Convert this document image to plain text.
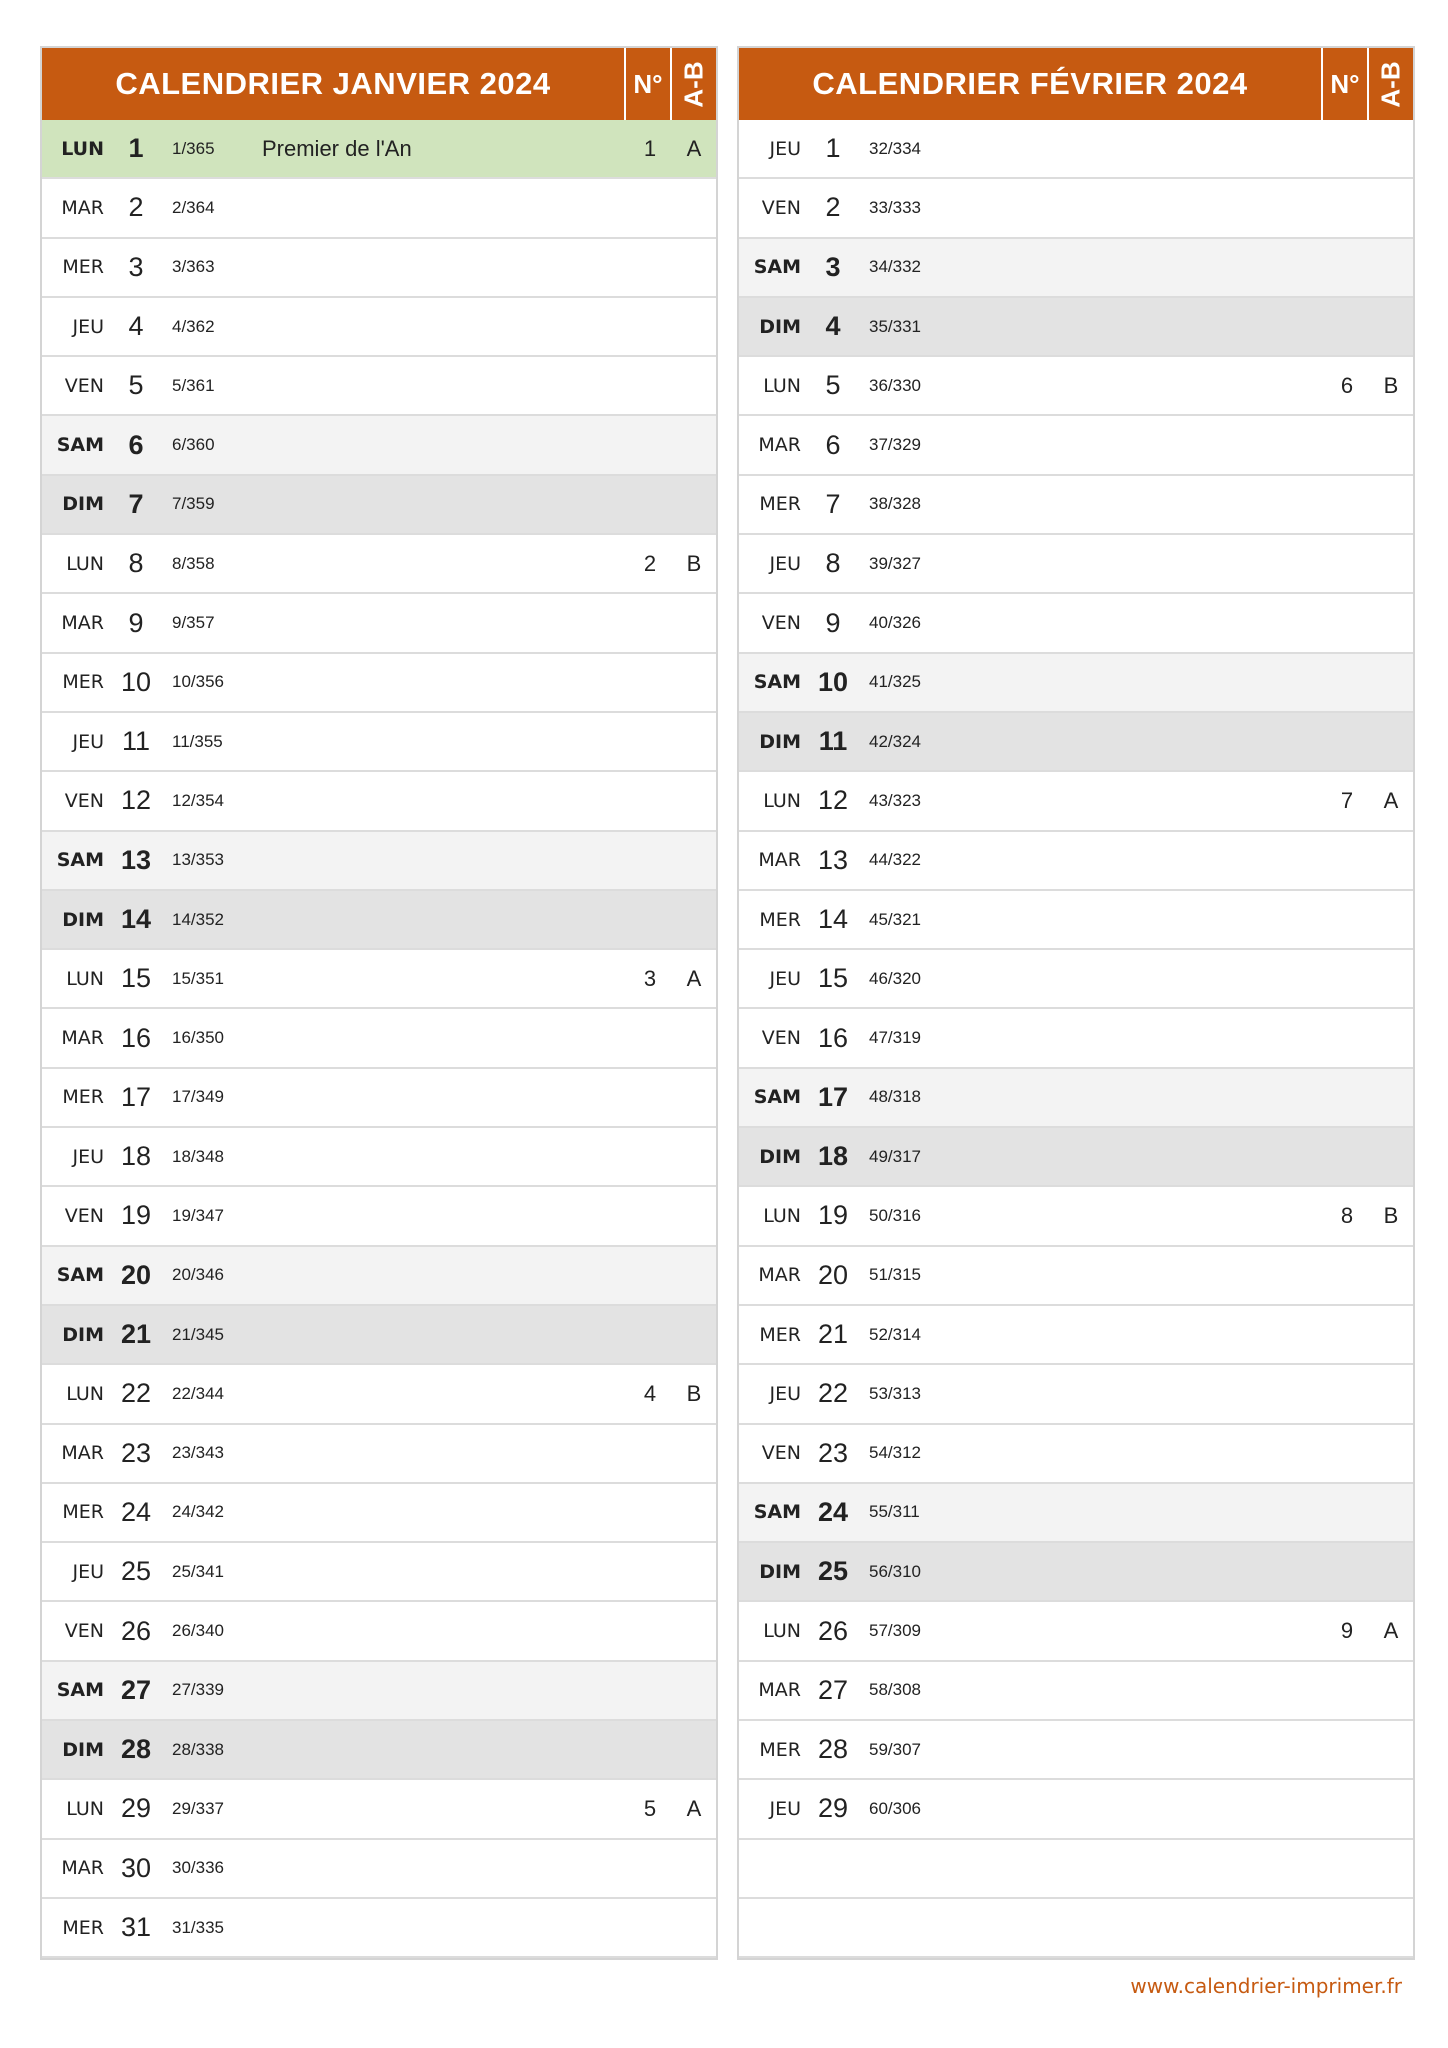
CALENDRIER JANVIER 2024	N° A-B
LUN 1	1/365	Premier de l'An	1	A
MAR 2	2/364
MER 3	3/363
JEU 4	4/362
VEN 5	5/361
SAM 6	6/360
DIM 7	7/359
LUN 8	8/358	2	B
MAR 9	9/357
MER 10	10/356
JEU 11	11/355
VEN 12	12/354
SAM 13	13/353
DIM 14	14/352
LUN 15	15/351	3	A
MAR 16	16/350
MER 17	17/349
JEU 18	18/348
VEN 19	19/347
SAM 20	20/346
DIM 21	21/345
LUN 22	22/344	4	B
MAR 23	23/343
MER 24	24/342
JEU 25	25/341
VEN 26	26/340
SAM 27	27/339
DIM 28	28/338
LUN 29	29/337	5	A
MAR 30	30/336
MER 31	31/335
CALENDRIER FÉVRIER 2024	N° A-B
JEU 1	32/334
VEN 2	33/333
SAM 3	34/332
DIM 4	35/331
LUN 5	36/330	6	B
MAR 6	37/329
MER 7	38/328
JEU 8	39/327
VEN 9	40/326
SAM 10	41/325
DIM 11	42/324
LUN 12	43/323	7	A
MAR 13	44/322
MER 14	45/321
JEU 15	46/320
VEN 16	47/319
SAM 17	48/318
DIM 18	49/317
LUN 19	50/316	8	B
MAR 20	51/315
MER 21	52/314
JEU 22	53/313
VEN 23	54/312
SAM 24	55/311
DIM 25	56/310
LUN 26	57/309	9	A
MAR 27	58/308
MER 28	59/307
JEU 29	60/306
www.calendrier-imprimer.fr
